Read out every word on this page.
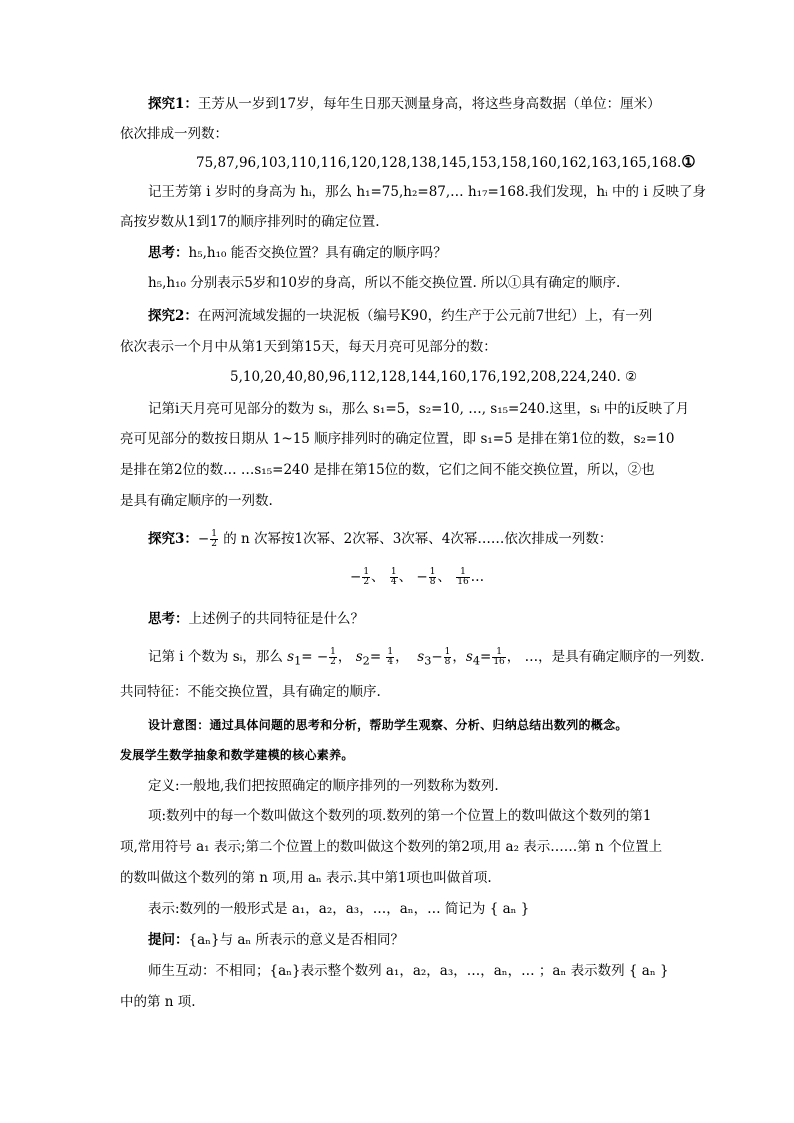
探究1：王芳从一岁到17岁，每年生日那天测量身高，将这些身高数据（单位：厘米）
依次排成一列数：
75,87,96,103,110,116,120,128,138,145,153,158,160,162,163,165,168.①
记王芳第 i 岁时的身高为 hᵢ，那么 h₁=75,h₂=87,… h₁₇=168.我们发现，hᵢ 中的 i 反映了身
高按岁数从1到17的顺序排列时的确定位置.
思考：h₅,h₁₀ 能否交换位置？具有确定的顺序吗？
h₅,h₁₀ 分别表示5岁和10岁的身高，所以不能交换位置. 所以①具有确定的顺序.
探究2：在两河流域发掘的一块泥板（编号K90，约生产于公元前7世纪）上，有一列
依次表示一个月中从第1天到第15天，每天月亮可见部分的数：
5,10,20,40,80,96,112,128,144,160,176,192,208,224,240. ②
记第i天月亮可见部分的数为 sᵢ，那么 s₁=5，s₂=10, …, s₁₅=240.这里，sᵢ 中的i反映了月
亮可见部分的数按日期从 1~15 顺序排列时的确定位置，即 s₁=5 是排在第1位的数，s₂=10
是排在第2位的数… …s₁₅=240 是排在第15位的数，它们之间不能交换位置，所以，②也
是具有确定顺序的一列数.
探究3：− $\frac{1}{2}$ 的 n 次幂按1次幂、2次幂、3次幂、4次幂……依次排成一列数：
− $\frac{1}{2}$ 、 $\frac{1}{4}$ 、 − $\frac{1}{8}$ 、 $\frac{1}{16}$ …
思考：上述例子的共同特征是什么？
记第 i 个数为 sᵢ，那么 $s_1= - \frac{1}{2}$ ， $s_2= \frac{1}{4}$ ，  $s_3- \frac{1}{8}$ ，$s_4= \frac{1}{16}$ ， …，是具有确定顺序的一列数.
共同特征：不能交换位置，具有确定的顺序.
设计意图：通过具体问题的思考和分析，帮助学生观察、分析、归纳总结出数列的概念。
发展学生数学抽象和数学建模的核心素养。
定义:一般地,我们把按照确定的顺序排列的一列数称为数列.
项:数列中的每一个数叫做这个数列的项.数列的第一个位置上的数叫做这个数列的第1
项,常用符号 a₁ 表示;第二个位置上的数叫做这个数列的第2项,用 a₂ 表示……第 n 个位置上
的数叫做这个数列的第 n 项,用 aₙ 表示.其中第1项也叫做首项.
表示:数列的一般形式是 a₁，a₂，a₃，…，aₙ，… 简记为 { aₙ }
提问：{aₙ}与 aₙ 所表示的意义是否相同？
师生互动：不相同；{aₙ}表示整个数列 a₁，a₂，a₃，…，aₙ，… ；aₙ 表示数列 { aₙ }
中的第 n 项.
